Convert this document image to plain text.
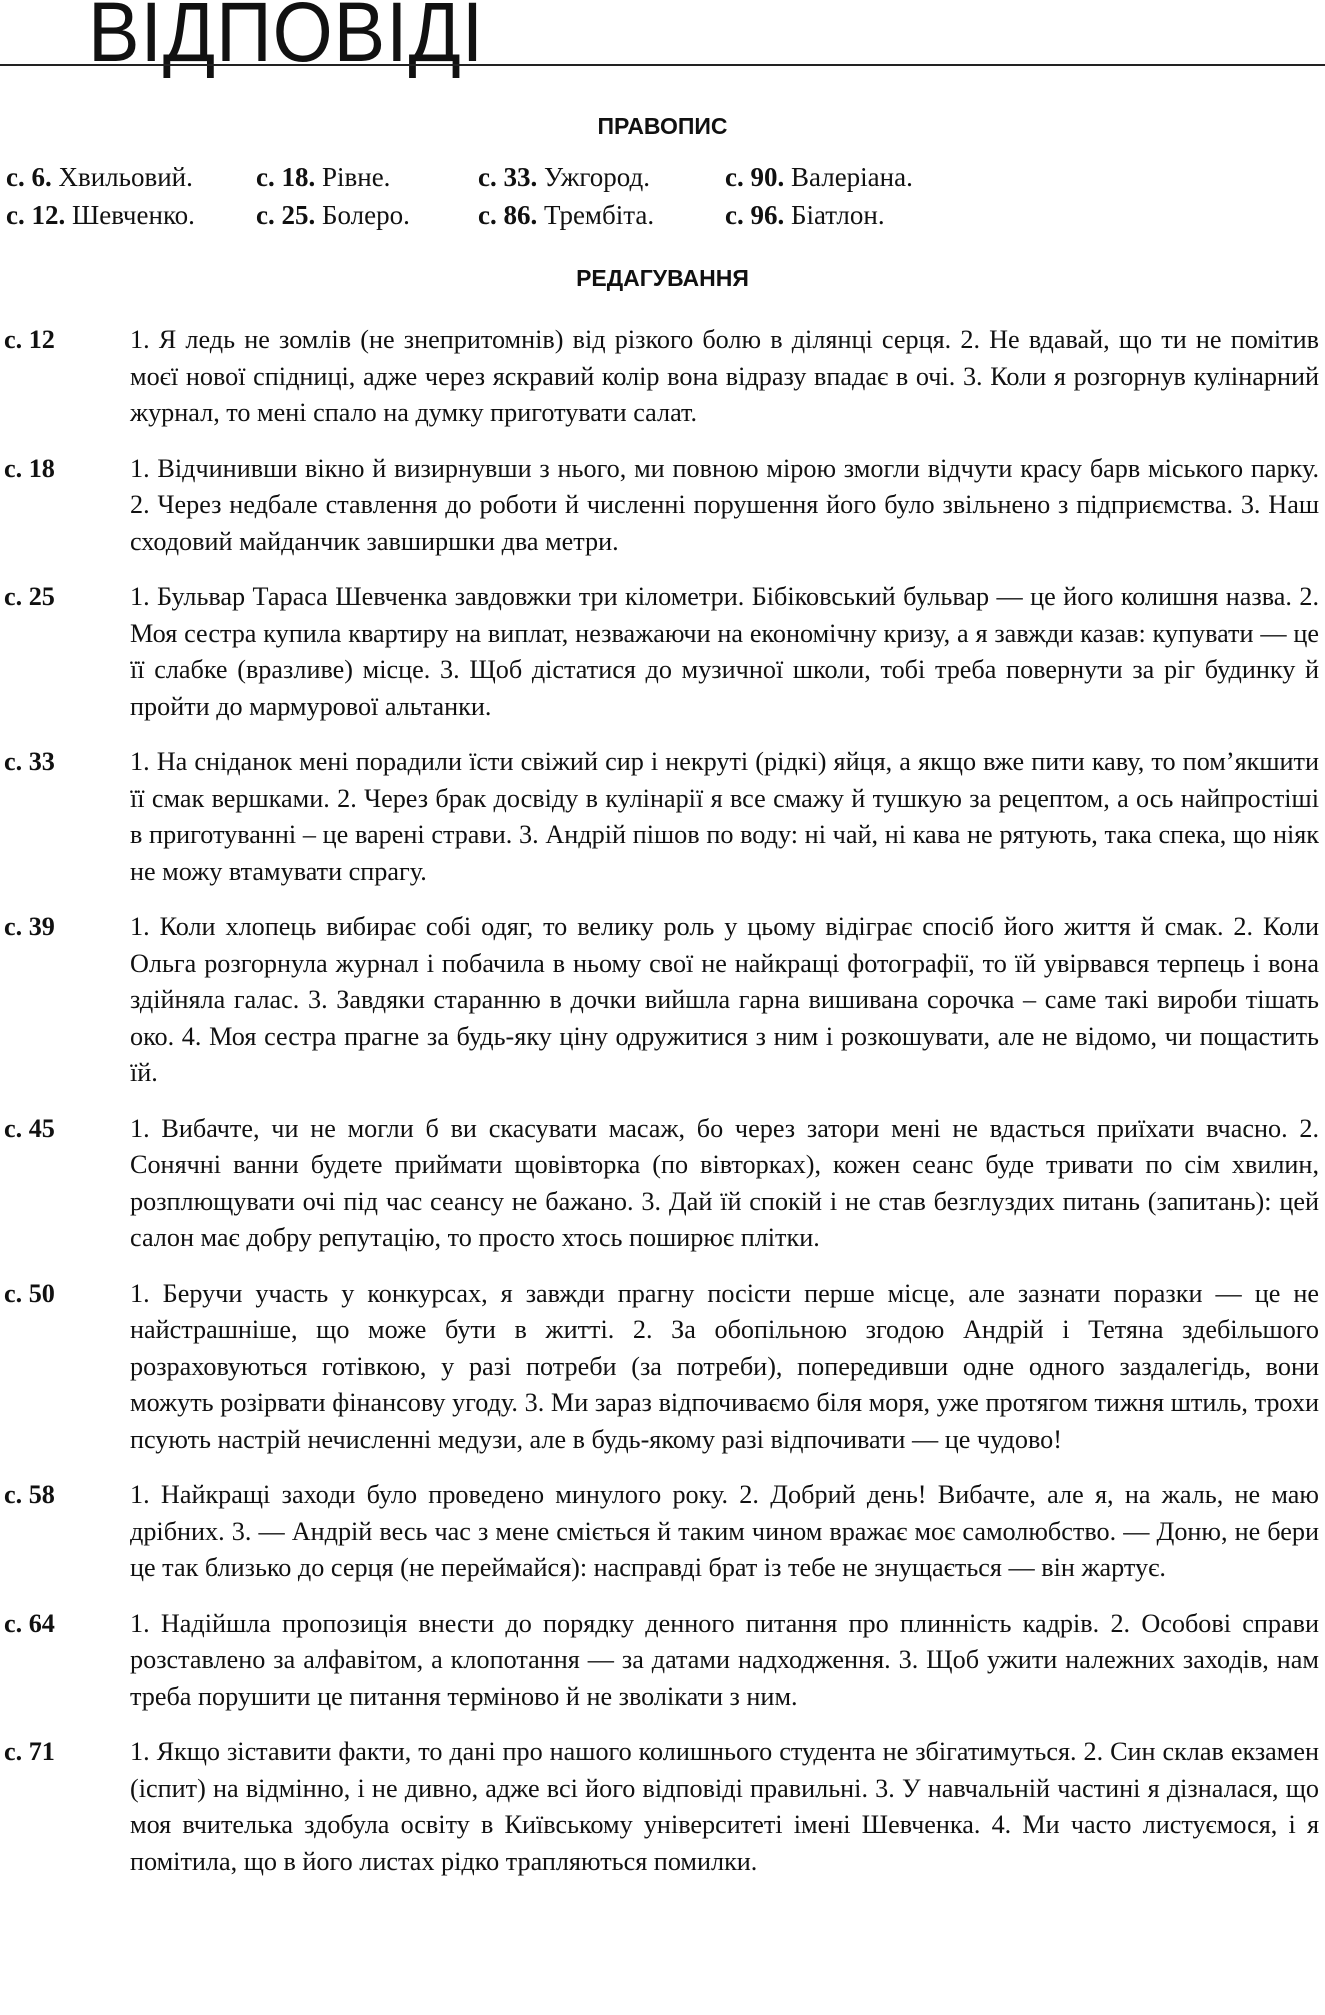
ВІДПОВІДІ
ПРАВОПИС
с. 6. Хвильовий.	с. 18. Рівне.	с. 33. Ужгород.	с. 90. Валеріана.
с. 12. Шевченко.	с. 25. Болеро.	с. 86. Трембіта.	с. 96. Біатлон.
РЕДАГУВАННЯ
с. 12	1. Я ледь не зомлів (не знепритомнів) від різкого болю в ділянці серця. 2. Не вдавай, що ти не помітив моєї нової спідниці, адже через яскравий колір вона відразу впадає в очі. 3. Коли я розгорнув кулінарний журнал, то мені спало на думку приготувати салат.
с. 18	1. Відчинивши вікно й визирнувши з нього, ми повною мірою змогли відчути красу барв міського парку. 2. Через недбале ставлення до роботи й численні порушення його було звільнено з підприємства. 3. Наш сходовий майданчик завширшки два метри.
с. 25	1. Бульвар Тараса Шевченка завдовжки три кілометри. Бібіковський бульвар — це його колишня назва. 2. Моя сестра купила квартиру на виплат, незважаючи на економічну кризу, а я завжди казав: купувати — це її слабке (вразливе) місце. 3. Щоб дістатися до музичної школи, тобі треба повернути за ріг будинку й пройти до мармурової альтанки.
с. 33	1. На сніданок мені порадили їсти свіжий сир і некруті (рідкі) яйця, а якщо вже пити каву, то пом’якшити її смак вершками. 2. Через брак досвіду в кулінарії я все смажу й тушкую за рецептом, а ось найпростіші в приготуванні – це варені страви. 3. Андрій пішов по воду: ні чай, ні кава не рятують, така спека, що ніяк не можу втамувати спрагу.
с. 39	1. Коли хлопець вибирає собі одяг, то велику роль у цьому відіграє спосіб його життя й смак. 2. Коли Ольга розгорнула журнал і побачила в ньому свої не найкращі фотографії, то їй увірвався терпець і вона здійняла галас. 3. Завдяки старанню в дочки вийшла гарна вишивана сорочка – саме такі вироби тішать око. 4. Моя сестра прагне за будь-яку ціну одружитися з ним і розкошувати, але не відомо, чи пощастить їй.
с. 45	1. Вибачте, чи не могли б ви скасувати масаж, бо через затори мені не вдасться приїхати вчасно. 2. Сонячні ванни будете приймати щовівторка (по вівторках), кожен сеанс буде тривати по сім хвилин, розплющувати очі під час сеансу не бажано. 3. Дай їй спокій і не став безглуздих питань (запитань): цей салон має добру репутацію, то просто хтось поширює плітки.
с. 50	1. Беручи участь у конкурсах, я завжди прагну посісти перше місце, але зазнати поразки — це не найстрашніше, що може бути в житті. 2. За обопільною згодою Андрій і Тетяна здебільшого розраховуються готівкою, у разі потреби (за потреби), попередивши одне одного заздалегідь, вони можуть розірвати фінансову угоду. 3. Ми зараз відпочиваємо біля моря, уже протягом тижня штиль, трохи псують настрій нечисленні медузи, але в будь-якому разі відпочивати — це чудово!
с. 58	1. Найкращі заходи було проведено минулого року. 2. Добрий день! Вибачте, але я, на жаль, не маю дрібних. 3. — Андрій весь час з мене сміється й таким чином вражає моє самолюбство. — Доню, не бери це так близько до серця (не переймайся): насправді брат із тебе не знущається — він жартує.
с. 64	1. Надійшла пропозиція внести до порядку денного питання про плинність кадрів. 2. Особові справи розставлено за алфавітом, а клопотання — за датами надходження. 3. Щоб ужити належних заходів, нам треба порушити це питання терміново й не зволікати з ним.
с. 71	1. Якщо зіставити факти, то дані про нашого колишнього студента не збігатимуться. 2. Син склав екзамен (іспит) на відмінно, і не дивно, адже всі його відповіді правильні. 3. У навчальній частині я дізналася, що моя вчителька здобула освіту в Київському університеті імені Шевченка. 4. Ми часто листуємося, і я помітила, що в його листах рідко трапляються помилки.
